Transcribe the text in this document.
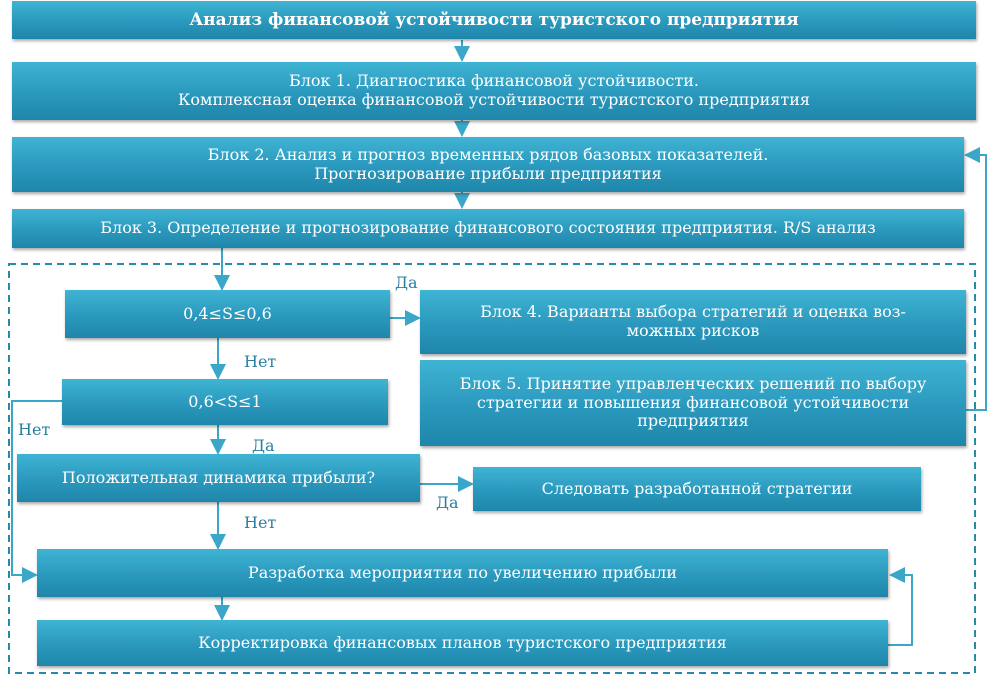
Анализ финансовой устойчивости туристского предприятия
Блок 1. Диагностика финансовой устойчивости.
Комплексная оценка финансовой устойчивости туристского предприятия
Блок 2. Анализ и прогноз временных рядов базовых показателей.
Прогнозирование прибыли предприятия
Блок 3. Определение и прогнозирование финансового состояния предприятия. R/S анализ
0,4≤S≤0,6	Блок 4. Варианты выбора стратегий и оценка воз-
можных рисков
0,6<S≤1
Блок 5. Принятие управленческих решений по выбору
стратегии и повышения финансовой устойчивости
предприятия
Положительная динамика прибыли?
Следовать разработанной стратегии
Разработка мероприятия по увеличению прибыли
Корректировка финансовых планов туристского предприятия
Да
Нет
Нет
Да
Да
Нет
